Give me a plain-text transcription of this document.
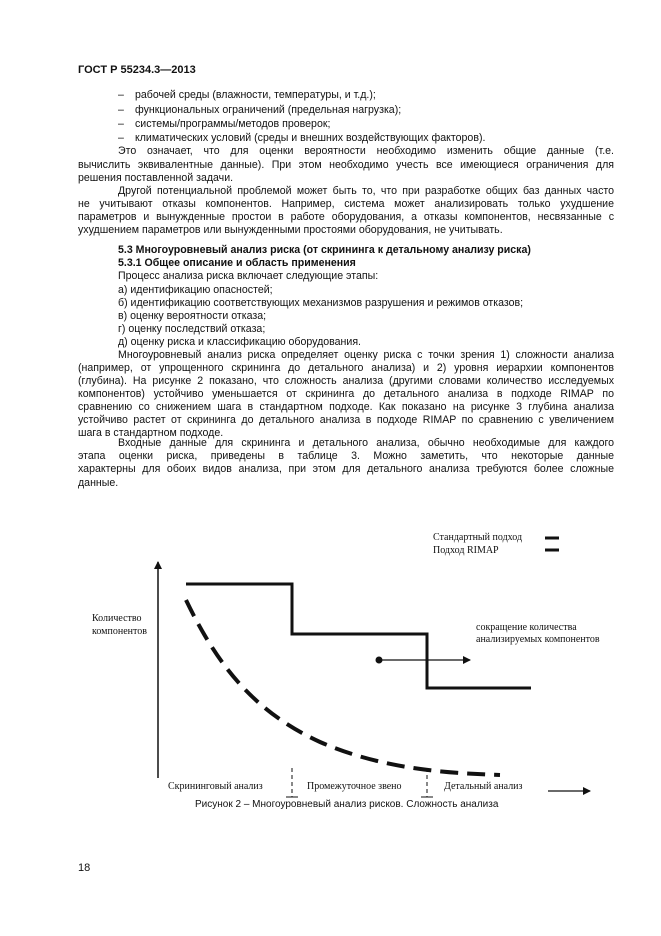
ГОСТ Р 55234.3—2013
– рабочей среды (влажности, температуры, и т.д.);
– функциональных ограничений (предельная нагрузка);
– системы/программы/методов проверок;
– климатических условий (среды и внешних воздействующих факторов).
Это означает, что для оценки вероятности необходимо изменить общие данные (т.е.
вычислить эквивалентные данные). При этом необходимо учесть все имеющиеся ограничения для
решения поставленной задачи.
Другой потенциальной проблемой может быть то, что при разработке общих баз данных часто
не учитывают отказы компонентов. Например, система может анализировать только ухудшение
параметров и вынужденные простои в работе оборудования, а отказы компонентов, несвязанные с
ухудшением параметров или вынужденными простоями оборудования, не учитывать.
5.3 Многоуровневый анализ риска (от скрининга к детальному анализу риска)
5.3.1 Общее описание и область применения
Процесс анализа риска включает следующие этапы:
а) идентификацию опасностей;
б) идентификацию соответствующих механизмов разрушения и режимов отказов;
в) оценку вероятности отказа;
г) оценку последствий отказа;
д) оценку риска и классификацию оборудования.
Многоуровневый анализ риска определяет оценку риска с точки зрения 1) сложности анализа
(например, от упрощенного скрининга до детального анализа) и 2) уровня иерархии компонентов
(глубина). На рисунке 2 показано, что сложность анализа (другими словами количество исследуемых
компонентов) устойчиво уменьшается от скрининга до детального анализа в подходе RIMAP по
сравнению со снижением шага в стандартном подходе. Как показано на рисунке 3 глубина анализа
устойчиво растет от скрининга до детального анализа в подходе RIMAP по сравнению с увеличением
шага в стандартном подходе.
Входные данные для скрининга и детального анализа, обычно необходимые для каждого
этапа оценки риска, приведены в таблице 3. Можно заметить, что некоторые данные
характерны для обоих видов анализа, при этом для детального анализа требуются более сложные
данные.
Стандартный подход
Подход RIMAP
Количество
компонентов	сокращение количества
анализируемых компонентов
Скрининговый анализ	Промежуточное звено	Детальный анализ
Рисунок 2 – Многоуровневый анализ рисков. Сложность анализа
18
